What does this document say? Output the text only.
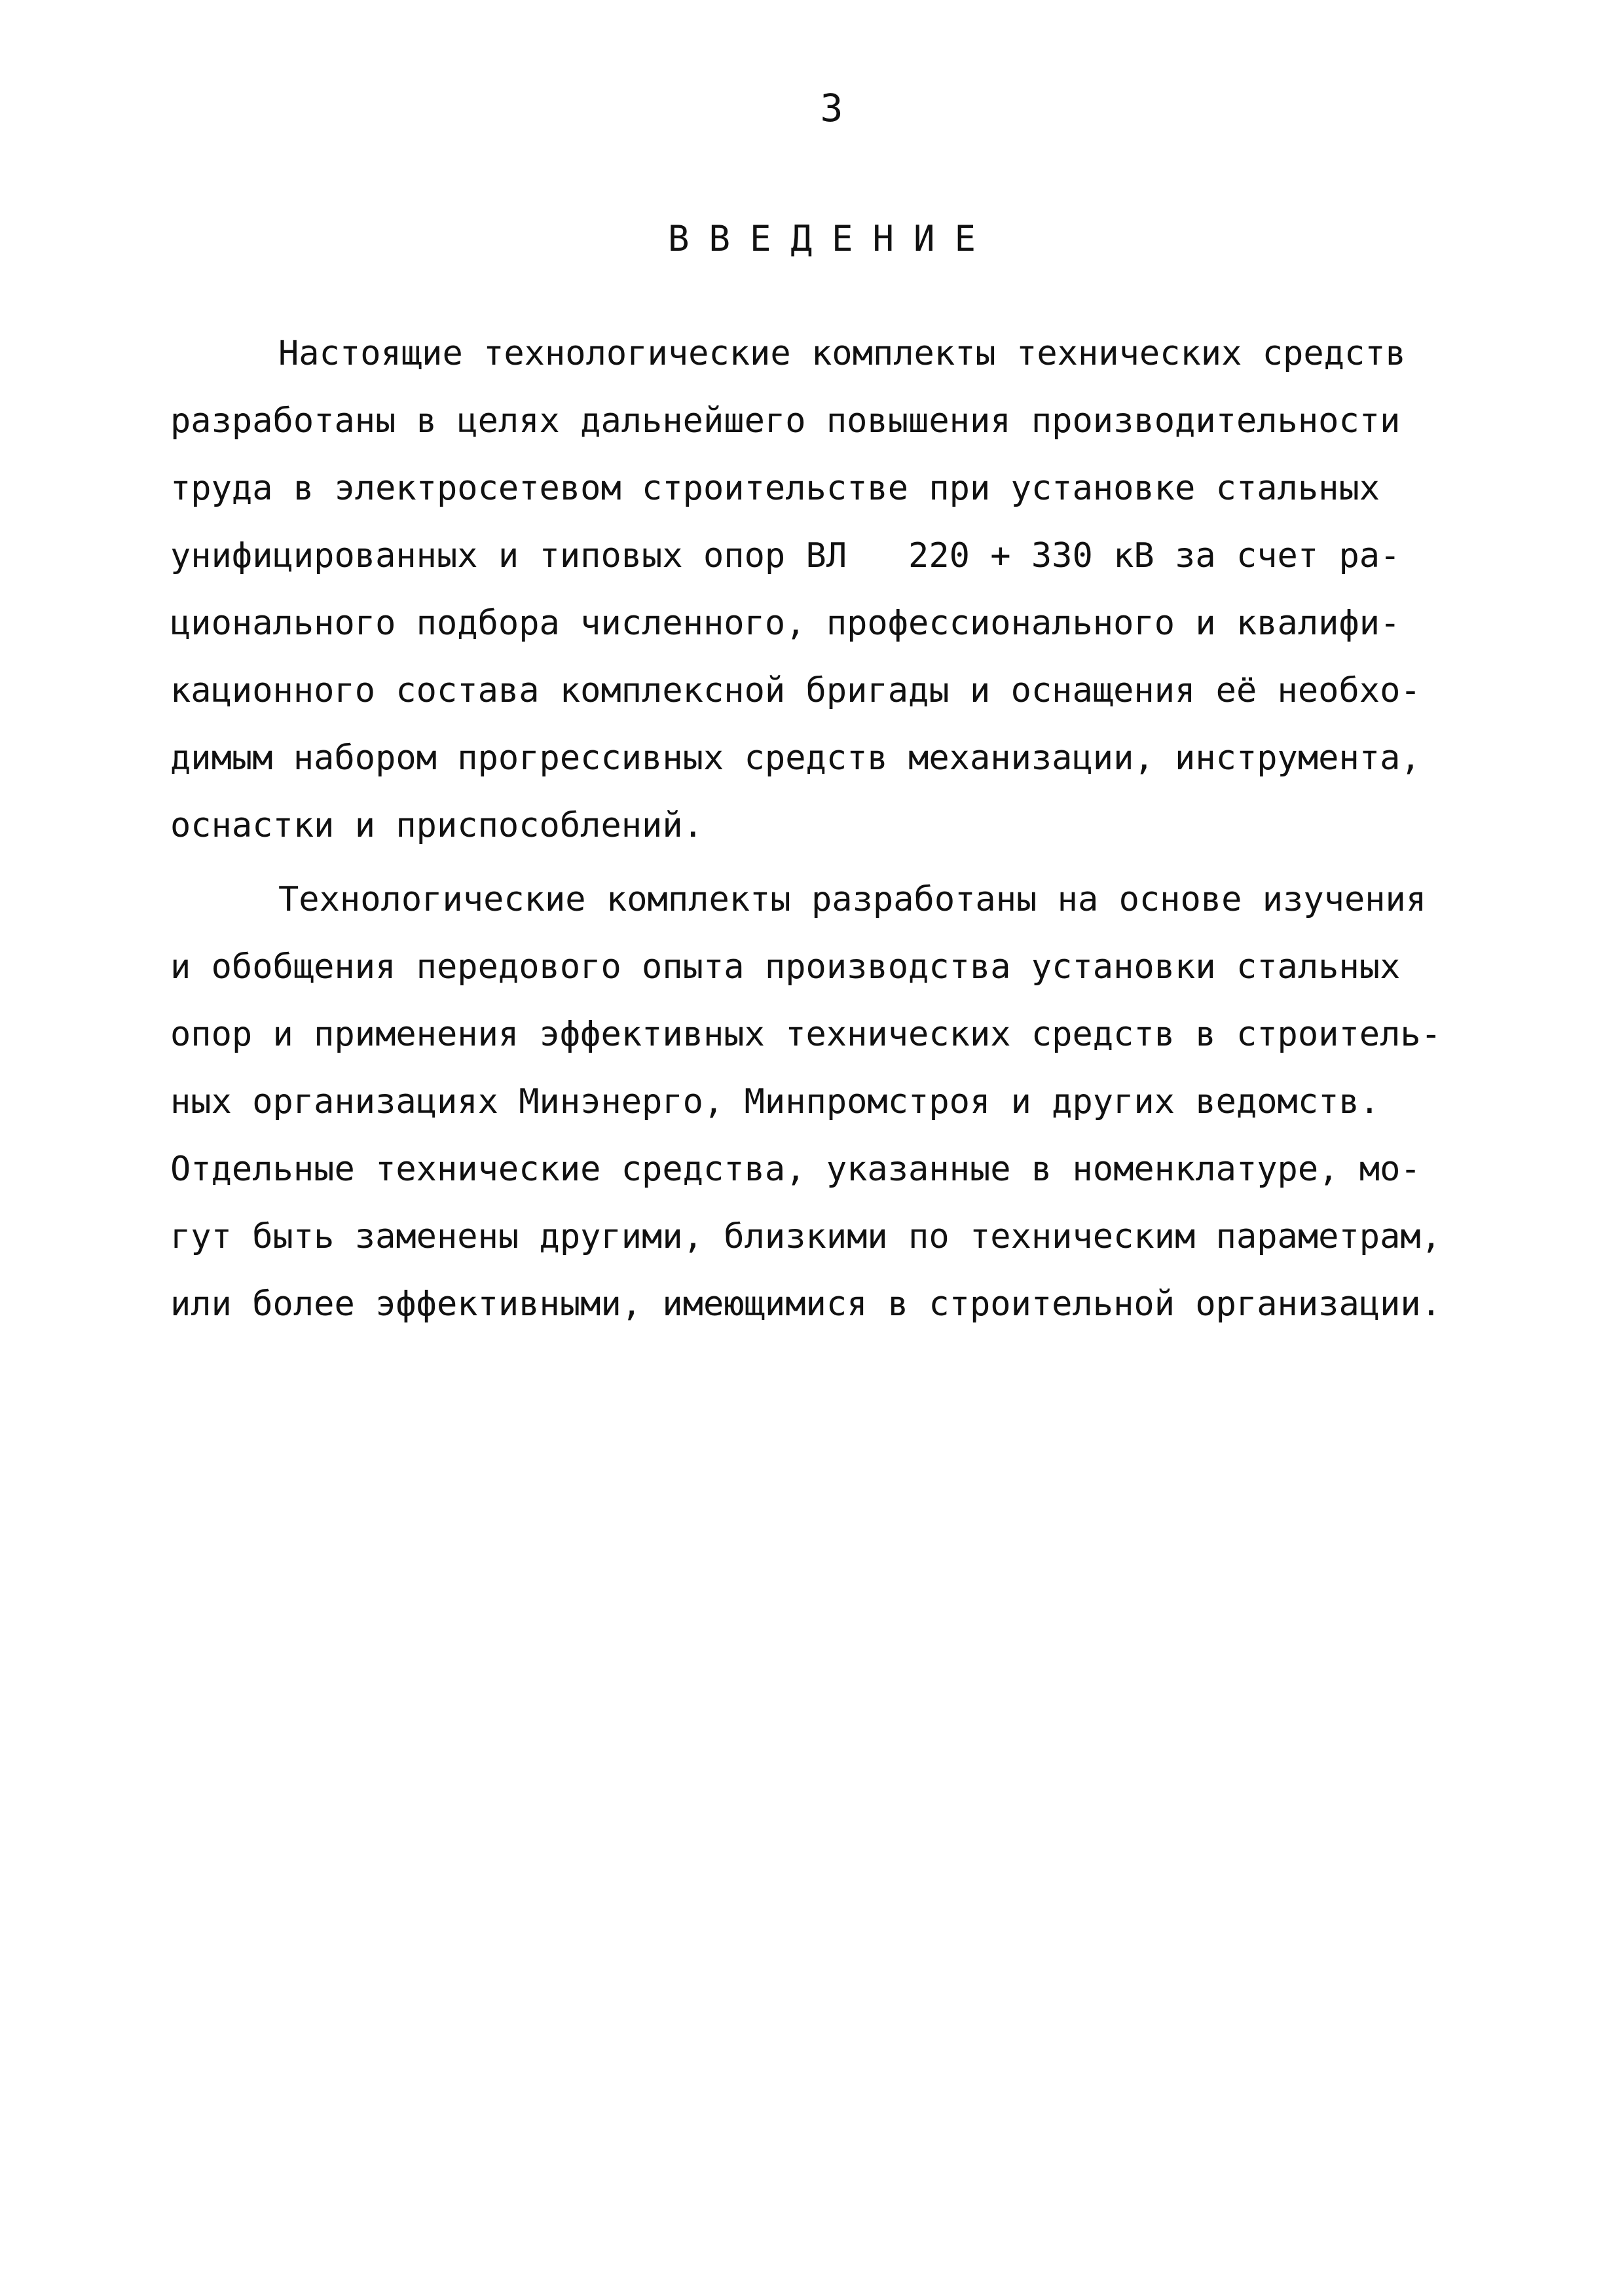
3
ВВЕДЕНИЕ
Настоящие технологические комплекты технических средств
разработаны в целях дальнейшего повышения производительности
труда в электросетевом строительстве при установке стальных
унифицированных и типовых опор ВЛ   220 + 330 кВ за счет ра-
ционального подбора численного, профессионального и квалифи-
кационного состава комплексной бригады и оснащения её необхо-
димым набором прогрессивных средств механизации, инструмента,
оснастки и приспособлений.
Технологические комплекты разработаны на основе изучения
и обобщения передового опыта производства установки стальных
опор и применения эффективных технических средств в строитель-
ных организациях Минэнерго, Минпромстроя и других ведомств.
Отдельные технические средства, указанные в номенклатуре, мо-
гут быть заменены другими, близкими по техническим параметрам,
или более эффективными, имеющимися в строительной организации.
